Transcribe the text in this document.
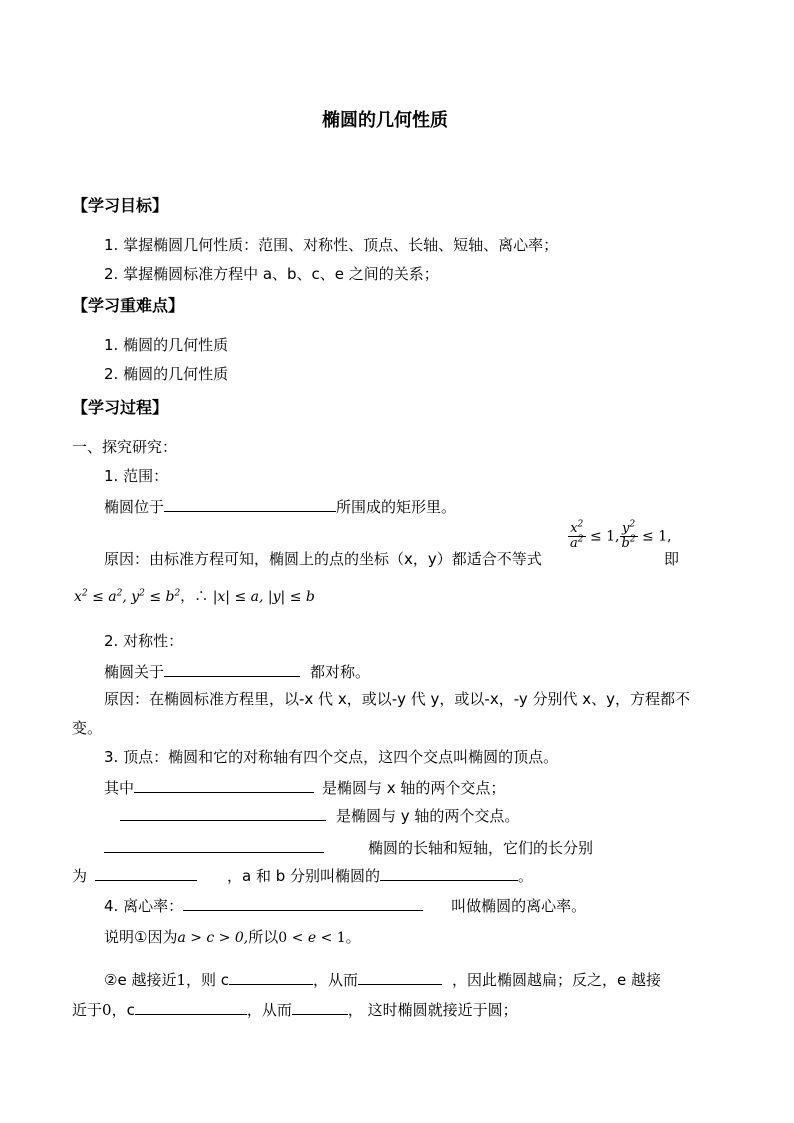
椭圆的几何性质
【学习目标】
1. 掌握椭圆几何性质：范围、对称性、顶点、长轴、短轴、离心率；
2. 掌握椭圆标准方程中 a、b、c、e 之间的关系；
【学习重难点】
1. 椭圆的几何性质
2. 椭圆的几何性质
【学习过程】
一、探究研究：
1. 范围：
椭圆位于	所围成的矩形里。
原因：由标准方程可知，椭圆上的点的坐标（x，y）都适合不等式
$\frac{x^2}{a^2} \le 1$, $\frac{y^2}{b^2} \le 1$,
即
$x^2 \le a^2$, $y^2 \le b^2$，∴ |x| ≤ a, |y| ≤ b
2. 对称性：
椭圆关于	都对称。
原因：在椭圆标准方程里，以-x 代 x，或以-y 代 y，或以-x，-y 分别代 x、y，方程都不
变。
3. 顶点：椭圆和它的对称轴有四个交点，这四个交点叫椭圆的顶点。
其中	是椭圆与 x 轴的两个交点；
是椭圆与 y 轴的两个交点。
椭圆的长轴和短轴，它们的长分别
为	，a 和 b 分别叫椭圆的	。
4. 离心率：	叫做椭圆的离心率。
说明①因为a > c > 0,所以0 < e < 1。
②e 越接近1，则 c	，从而	，因此椭圆越扁；反之，e 越接
近于0，c	，从而	， 这时椭圆就接近于圆；
